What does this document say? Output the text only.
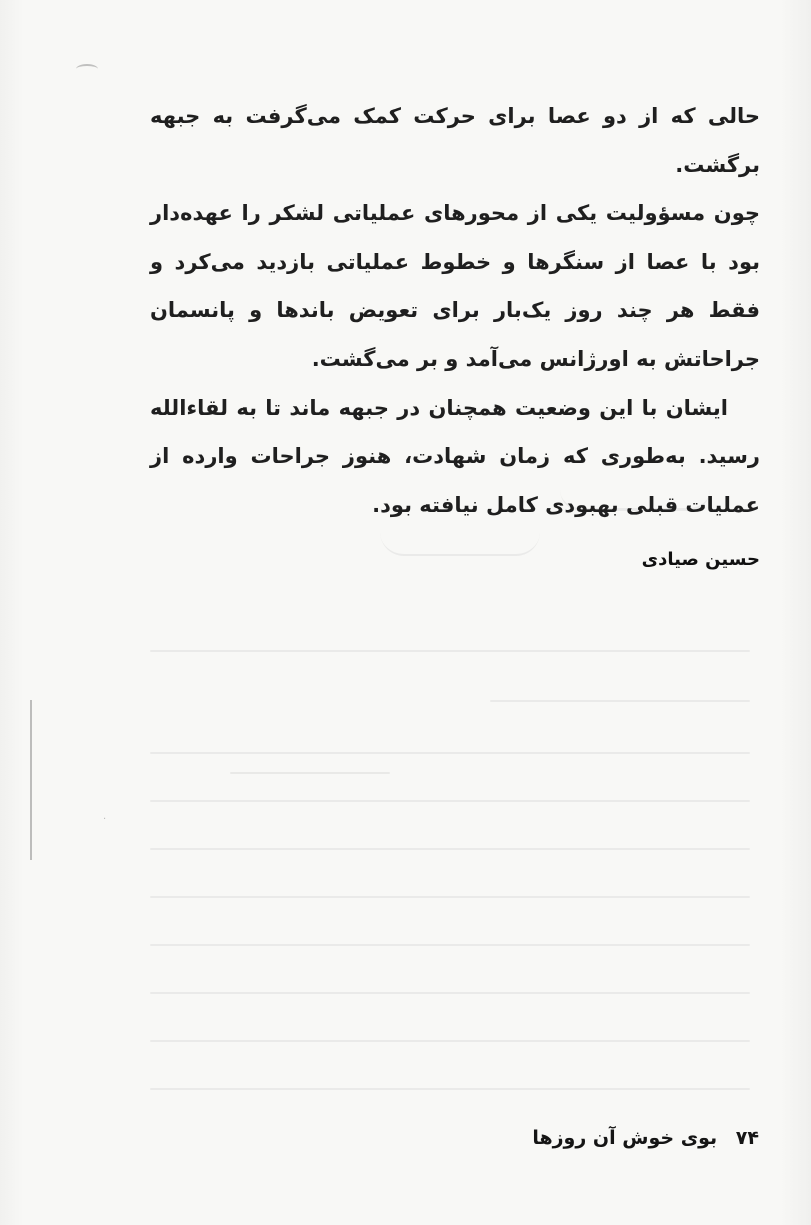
·

حالی که از دو عصا برای حرکت کمک می‌گرفت به جبهه برگشت.

چون مسؤولیت یکی از محورهای عملیاتی لشکر را عهده‌دار بود با عصا از سنگرها و خطوط عملیاتی بازدید می‌کرد و فقط هر چند روز یک‌بار برای تعویض باندها و پانسمان جراحاتش به اورژانس می‌آمد و بر می‌گشت.

ایشان با این وضعیت همچنان در جبهه ماند تا به لقاءالله رسید. به‌طوری که زمان شهادت، هنوز جراحات وارده از عملیات قبلی بهبودی کامل نیافته بود.

حسین صیادی

۷۴ بوی خوش آن روزها
